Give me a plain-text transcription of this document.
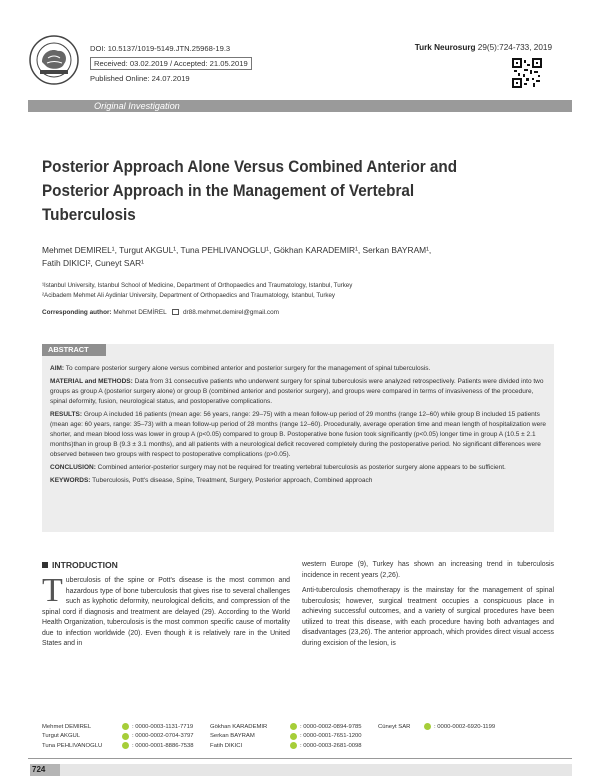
DOI: 10.5137/1019-5149.JTN.25968-19.3
Received: 03.02.2019 / Accepted: 21.05.2019
Published Online: 24.07.2019
Turk Neurosurg 29(5):724-733, 2019
Original Investigation
Posterior Approach Alone Versus Combined Anterior and Posterior Approach in the Management of Vertebral Tuberculosis
Mehmet DEMIREL¹, Turgut AKGUL¹, Tuna PEHLIVANOGLU¹, Gökhan KARADEMIR¹, Serkan BAYRAM¹,
Fatih DIKICI², Cuneyt SAR¹
¹Istanbul University, Istanbul School of Medicine, Department of Orthopaedics and Traumatology, Istanbul, Turkey
²Acibadem Mehmet Ali Aydinlar University, Department of Orthopaedics and Traumatology, Istanbul, Turkey
Corresponding author: Mehmet DEMİREL	dr88.mehmet.demirel@gmail.com
ABSTRACT

AIM: To compare posterior surgery alone versus combined anterior and posterior surgery for the management of spinal tuberculosis.

MATERIAL and METHODS: Data from 31 consecutive patients who underwent surgery for spinal tuberculosis were analyzed retrospectively. Patients were divided into two groups as group A (posterior surgery alone) or group B (combined anterior and posterior surgery), and groups were compared in terms of invasiveness of the procedure, spinal deformity, fusion, neurological status, and postoperative complications.

RESULTS: Group A included 16 patients (mean age: 56 years, range: 29–75) with a mean follow-up period of 29 months (range 12–60) while group B included 15 patients (mean age: 60 years, range: 35–73) with a mean follow-up period of 28 months (range 12–60). Procedurally, average operation time and mean length of hospitalization were shorter, and mean blood loss was lower in group A (p<0.05) compared to group B. Postoperative bone fusion took significantly (p<0.05) longer time in group A (10.5 ± 2.1 months)than in group B (9.3 ± 3.1 months), and all patients with a neurological deficit recovered completely during the postoperative period. No significant differences were observed between two groups with respect to postoperative complications (p>0.05).

CONCLUSION: Combined anterior-posterior surgery may not be required for treating vertebral tuberculosis as posterior surgery alone appears to be sufficient.

KEYWORDS: Tuberculosis, Pott's disease, Spine, Treatment, Surgery, Posterior approach, Combined approach

INTRODUCTION
Tuberculosis of the spine or Pott's disease is the most common and hazardous type of bone tuberculosis that gives rise to several challenges such as kyphotic deformity, neurological deficits, and compression of the spinal cord if diagnosis and treatment are delayed (29). According to the World Health Organization, tuberculosis is the most common specific cause of mortality due to infection worldwide (20). Even though it is relatively rare in the United States and in

western Europe (9), Turkey has shown an increasing trend in tuberculosis incidence in recent years (2,26).

Anti-tuberculosis chemotherapy is the mainstay for the management of spinal tuberculosis; however, surgical treatment occupies a conspicuous place in achieving successful outcomes, and a variety of surgical procedures have been utilized to treat this disease, with each procedure having both advantages and disadvantages (23,26). The anterior approach, which provides direct visual access during excision of the lesion, is

Mehmet DEMIREL	: 0000-0003-1131-7719	Gökhan KARADEMIR	: 0000-0002-0894-9785	Cüneyt SAR	: 0000-0002-6920-1199
Turgut AKGUL	: 0000-0002-0704-3797	Serkan BAYRAM	: 0000-0001-7651-1200
Tuna PEHLIVANOGLU	: 0000-0001-8886-7538	Fatih DIKICI	: 0000-0003-2681-0098
724
